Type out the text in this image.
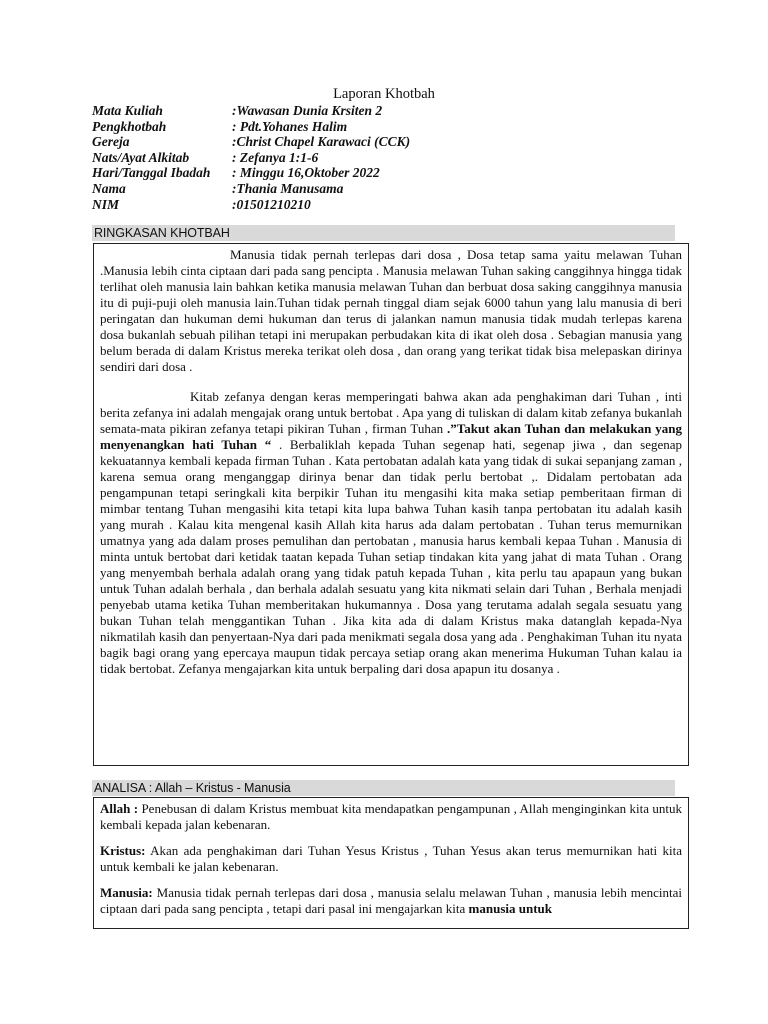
Laporan Khotbah
Mata Kuliah	:Wawasan Dunia Krsiten 2
Pengkhotbah	: Pdt.Yohanes Halim
Gereja	:Christ Chapel Karawaci (CCK)
Nats/Ayat Alkitab	: Zefanya 1:1-6
Hari/Tanggal Ibadah	: Minggu 16,Oktober 2022
Nama	:Thania Manusama
NIM	:01501210210
RINGKASAN KHOTBAH

Manusia tidak pernah terlepas dari dosa , Dosa tetap sama yaitu melawan Tuhan .Manusia lebih cinta ciptaan dari pada sang pencipta . Manusia melawan Tuhan saking canggihnya hingga tidak terlihat oleh manusia lain bahkan ketika manusia melawan Tuhan dan berbuat dosa saking canggihnya manusia itu di puji-puji oleh manusia lain.Tuhan tidak pernah tinggal diam sejak 6000 tahun yang lalu manusia di beri peringatan dan hukuman demi hukuman dan terus di jalankan namun manusia tidak mudah terlepas karena dosa bukanlah sebuah pilihan tetapi ini merupakan perbudakan kita di ikat oleh dosa . Sebagian manusia yang belum berada di dalam Kristus mereka terikat oleh dosa , dan orang yang terikat tidak bisa melepaskan dirinya sendiri dari dosa .

Kitab zefanya dengan keras memperingati bahwa akan ada penghakiman dari Tuhan , inti berita zefanya ini adalah mengajak orang untuk bertobat . Apa yang di tuliskan di dalam kitab zefanya bukanlah semata-mata pikiran zefanya tetapi pikiran Tuhan , firman Tuhan .”Takut akan Tuhan dan melakukan yang menyenangkan hati Tuhan “ . Berbaliklah kepada Tuhan segenap hati, segenap jiwa , dan segenap kekuatannya kembali kepada firman Tuhan . Kata pertobatan adalah kata yang tidak di sukai sepanjang zaman , karena semua orang menganggap dirinya benar dan tidak perlu bertobat ,. Didalam pertobatan ada pengampunan tetapi seringkali kita berpikir Tuhan itu mengasihi kita maka setiap pemberitaan firman di mimbar tentang Tuhan mengasihi kita tetapi kita lupa bahwa Tuhan kasih tanpa pertobatan itu adalah kasih yang murah . Kalau kita mengenal kasih Allah kita harus ada dalam pertobatan . Tuhan terus memurnikan umatnya yang ada dalam proses pemulihan dan pertobatan , manusia harus kembali kepaa Tuhan . Manusia di minta untuk bertobat dari ketidak taatan kepada Tuhan setiap tindakan kita yang jahat di mata Tuhan . Orang yang menyembah berhala adalah orang yang tidak patuh kepada Tuhan , kita perlu tau apapaun yang bukan untuk Tuhan adalah berhala , dan berhala adalah sesuatu yang kita nikmati selain dari Tuhan , Berhala menjadi penyebab utama ketika Tuhan memberitakan hukumannya . Dosa yang terutama adalah segala sesuatu yang bukan Tuhan telah menggantikan Tuhan . Jika kita ada di dalam Kristus maka datanglah kepada-Nya nikmatilah kasih dan penyertaan-Nya dari pada menikmati segala dosa yang ada . Penghakiman Tuhan itu nyata bagik bagi orang yang epercaya maupun tidak percaya setiap orang akan menerima Hukuman Tuhan kalau ia tidak bertobat. Zefanya mengajarkan kita untuk berpaling dari dosa apapun itu dosanya .

ANALISA : Allah – Kristus - Manusia

Allah : Penebusan di dalam Kristus membuat kita mendapatkan pengampunan , Allah menginginkan kita untuk kembali kepada jalan kebenaran.

Kristus: Akan ada penghakiman dari Tuhan Yesus Kristus , Tuhan Yesus akan terus memurnikan hati kita untuk kembali ke jalan kebenaran.

Manusia: Manusia tidak pernah terlepas dari dosa , manusia selalu melawan Tuhan , manusia lebih mencintai ciptaan dari pada sang pencipta , tetapi dari pasal ini mengajarkan kita manusia untuk
